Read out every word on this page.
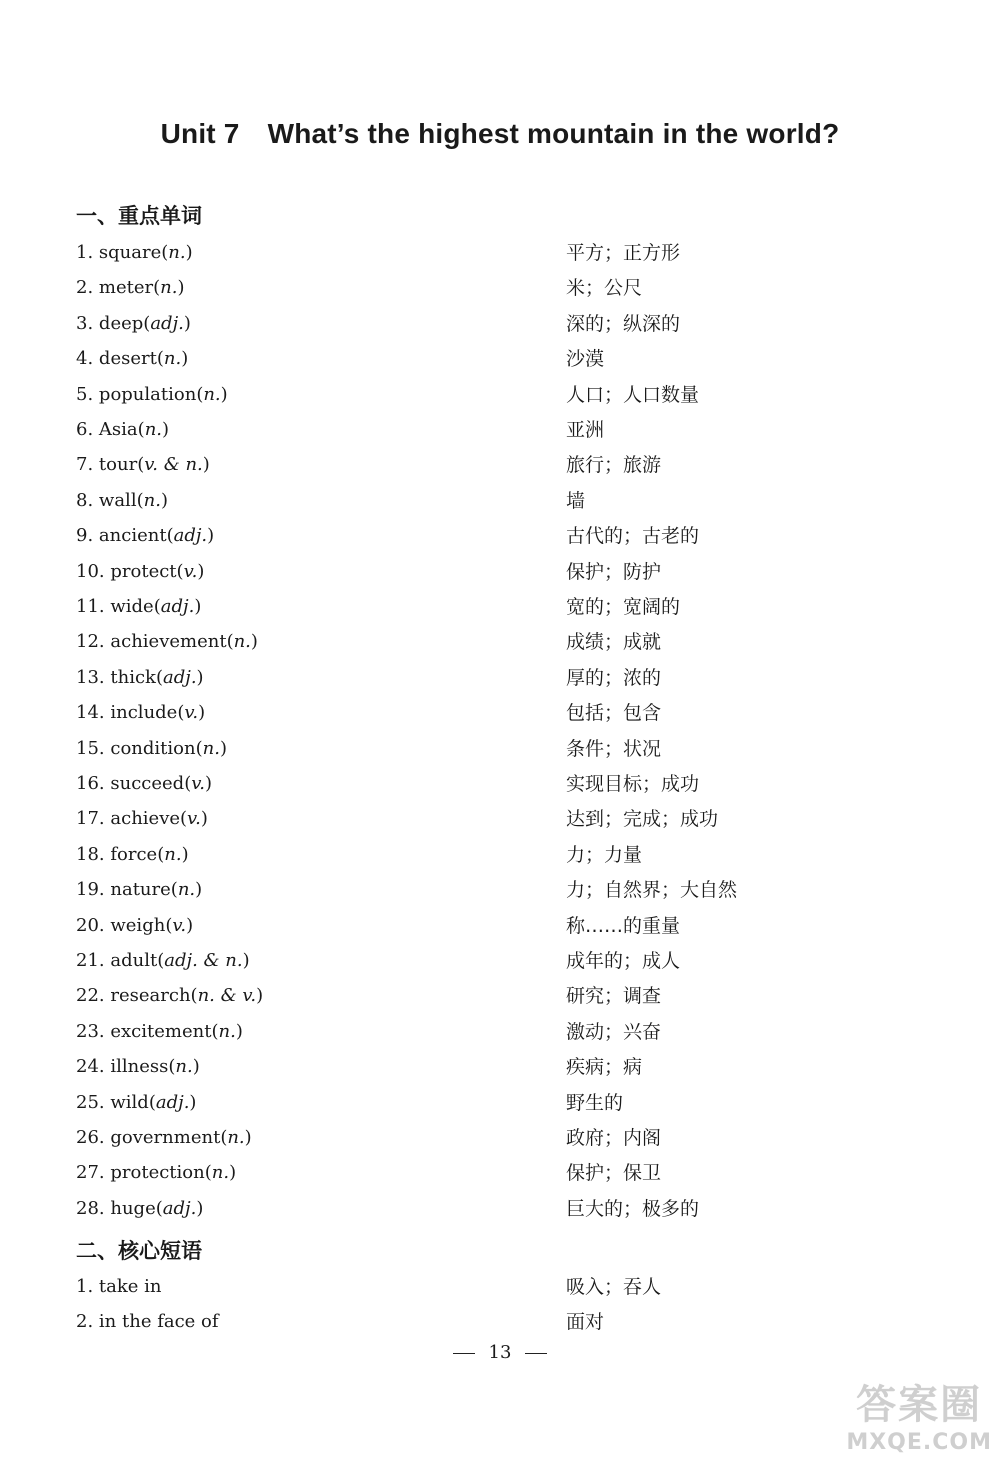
Unit 7 What’s the highest mountain in the world?
一、重点单词
1. square(n.)	平方；正方形
2. meter(n.)	米；公尺
3. deep(adj.)	深的；纵深的
4. desert(n.)	沙漠
5. population(n.)	人口；人口数量
6. Asia(n.)	亚洲
7. tour(v. & n.)	旅行；旅游
8. wall(n.)	墙
9. ancient(adj.)	古代的；古老的
10. protect(v.)	保护；防护
11. wide(adj.)	宽的；宽阔的
12. achievement(n.)	成绩；成就
13. thick(adj.)	厚的；浓的
14. include(v.)	包括；包含
15. condition(n.)	条件；状况
16. succeed(v.)	实现目标；成功
17. achieve(v.)	达到；完成；成功
18. force(n.)	力；力量
19. nature(n.)	力；自然界；大自然
20. weigh(v.)	称……的重量
21. adult(adj. & n.)	成年的；成人
22. research(n. & v.)	研究；调查
23. excitement(n.)	激动；兴奋
24. illness(n.)	疾病；病
25. wild(adj.)	野生的
26. government(n.)	政府；内阁
27. protection(n.)	保护；保卫
28. huge(adj.)	巨大的；极多的
二、核心短语
1. take in	吸入；吞人
2. in the face of	面对
13
答案圈
MXQE.COM
